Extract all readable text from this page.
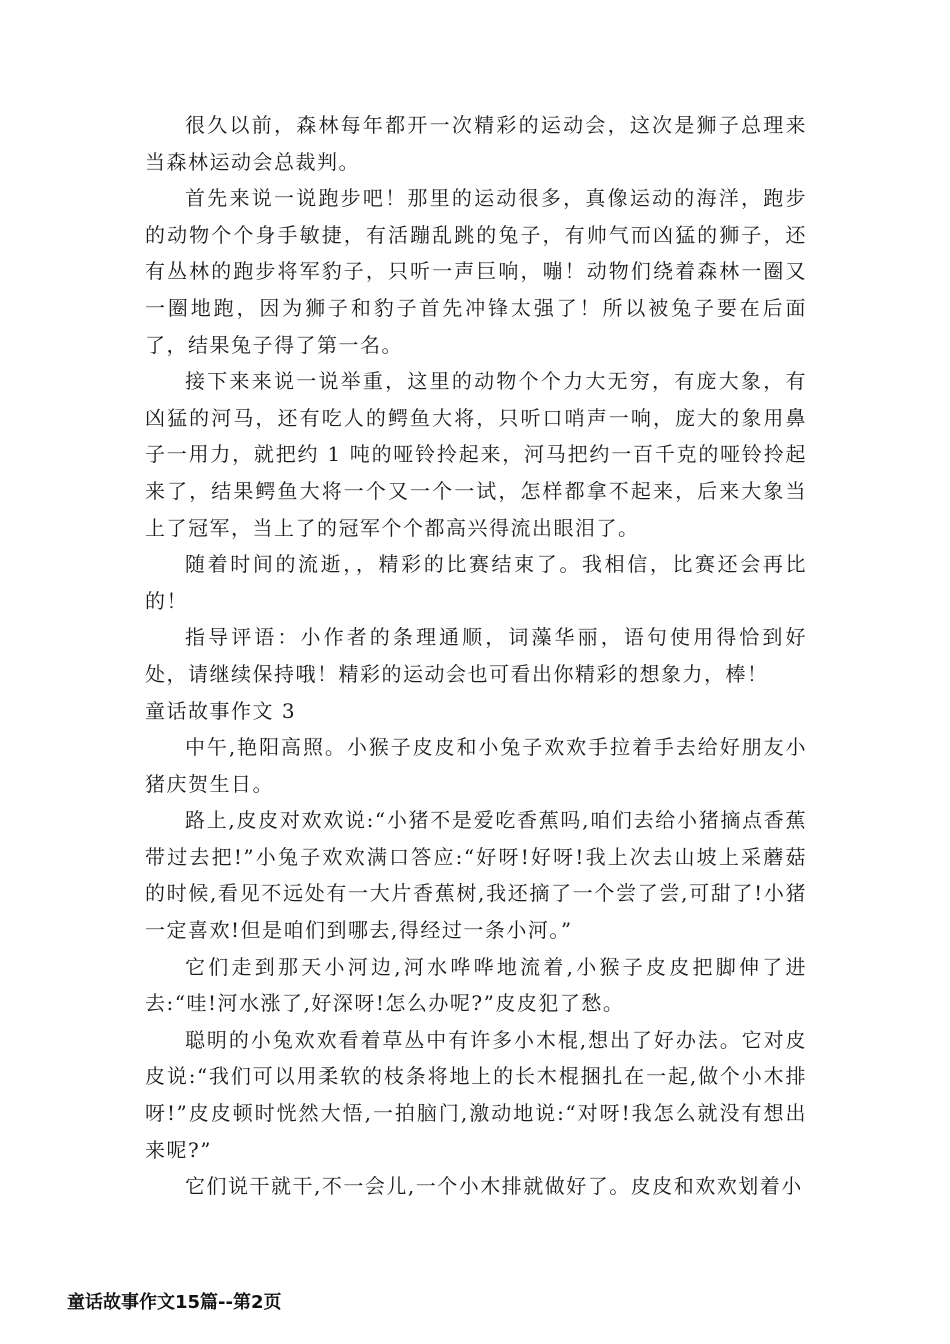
很久以前，森林每年都开一次精彩的运动会，这次是狮子总理来当森林运动会总裁判。

首先来说一说跑步吧！那里的运动很多，真像运动的海洋，跑步的动物个个身手敏捷，有活蹦乱跳的兔子，有帅气而凶猛的狮子，还有丛林的跑步将军豹子，只听一声巨响，嘣！动物们绕着森林一圈又一圈地跑，因为狮子和豹子首先冲锋太强了！所以被兔子要在后面了，结果兔子得了第一名。

接下来来说一说举重，这里的动物个个力大无穷，有庞大象，有凶猛的河马，还有吃人的鳄鱼大将，只听口哨声一响，庞大的象用鼻子一用力，就把约 1 吨的哑铃拎起来，河马把约一百千克的哑铃拎起来了，结果鳄鱼大将一个又一个一试，怎样都拿不起来，后来大象当上了冠军，当上了的冠军个个都高兴得流出眼泪了。

随着时间的流逝，，精彩的比赛结束了。我相信，比赛还会再比的！

指导评语：小作者的条理通顺，词藻华丽，语句使用得恰到好处，请继续保持哦！精彩的运动会也可看出你精彩的想象力，棒！

童话故事作文 3

中午,艳阳高照。小猴子皮皮和小兔子欢欢手拉着手去给好朋友小猪庆贺生日。

路上,皮皮对欢欢说:“小猪不是爱吃香蕉吗,咱们去给小猪摘点香蕉带过去把!”小兔子欢欢满口答应:“好呀!好呀!我上次去山坡上采蘑菇的时候,看见不远处有一大片香蕉树,我还摘了一个尝了尝,可甜了!小猪一定喜欢!但是咱们到哪去,得经过一条小河。”

它们走到那天小河边,河水哗哗地流着,小猴子皮皮把脚伸了进去:“哇!河水涨了,好深呀!怎么办呢?”皮皮犯了愁。

聪明的小兔欢欢看着草丛中有许多小木棍,想出了好办法。它对皮皮说:“我们可以用柔软的枝条将地上的长木棍捆扎在一起,做个小木排呀!”皮皮顿时恍然大悟,一拍脑门,激动地说:“对呀!我怎么就没有想出来呢?”

它们说干就干,不一会儿,一个小木排就做好了。皮皮和欢欢划着小

童话故事作文15篇--第2页
